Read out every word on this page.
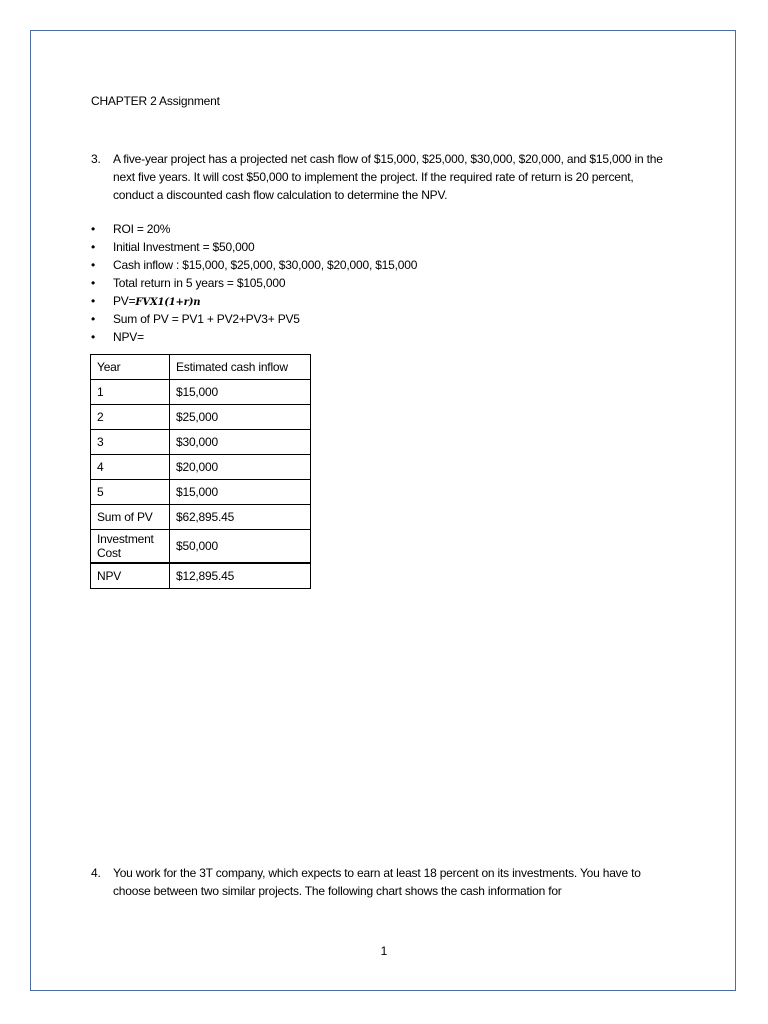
CHAPTER 2 Assignment
3. A five-year project has a projected net cash flow of $15,000, $25,000, $30,000, $20,000, and $15,000 in the next five years. It will cost $50,000 to implement the project. If the required rate of return is 20 percent, conduct a discounted cash flow calculation to determine the NPV.
• ROI = 20%
• Initial Investment = $50,000
• Cash inflow : $15,000, $25,000, $30,000, $20,000, $15,000
• Total return in 5 years = $105,000
• PV=FVX1(1+r)n
• Sum of PV = PV1 + PV2+PV3+ PV5
• NPV=
Year	Estimated cash inflow
1	$15,000
2	$25,000
3	$30,000
4	$20,000
5	$15,000
Sum of PV	$62,895.45
Investment Cost	$50,000
NPV	$12,895.45
4. You work for the 3T company, which expects to earn at least 18 percent on its investments. You have to choose between two similar projects. The following chart shows the cash information for
1
